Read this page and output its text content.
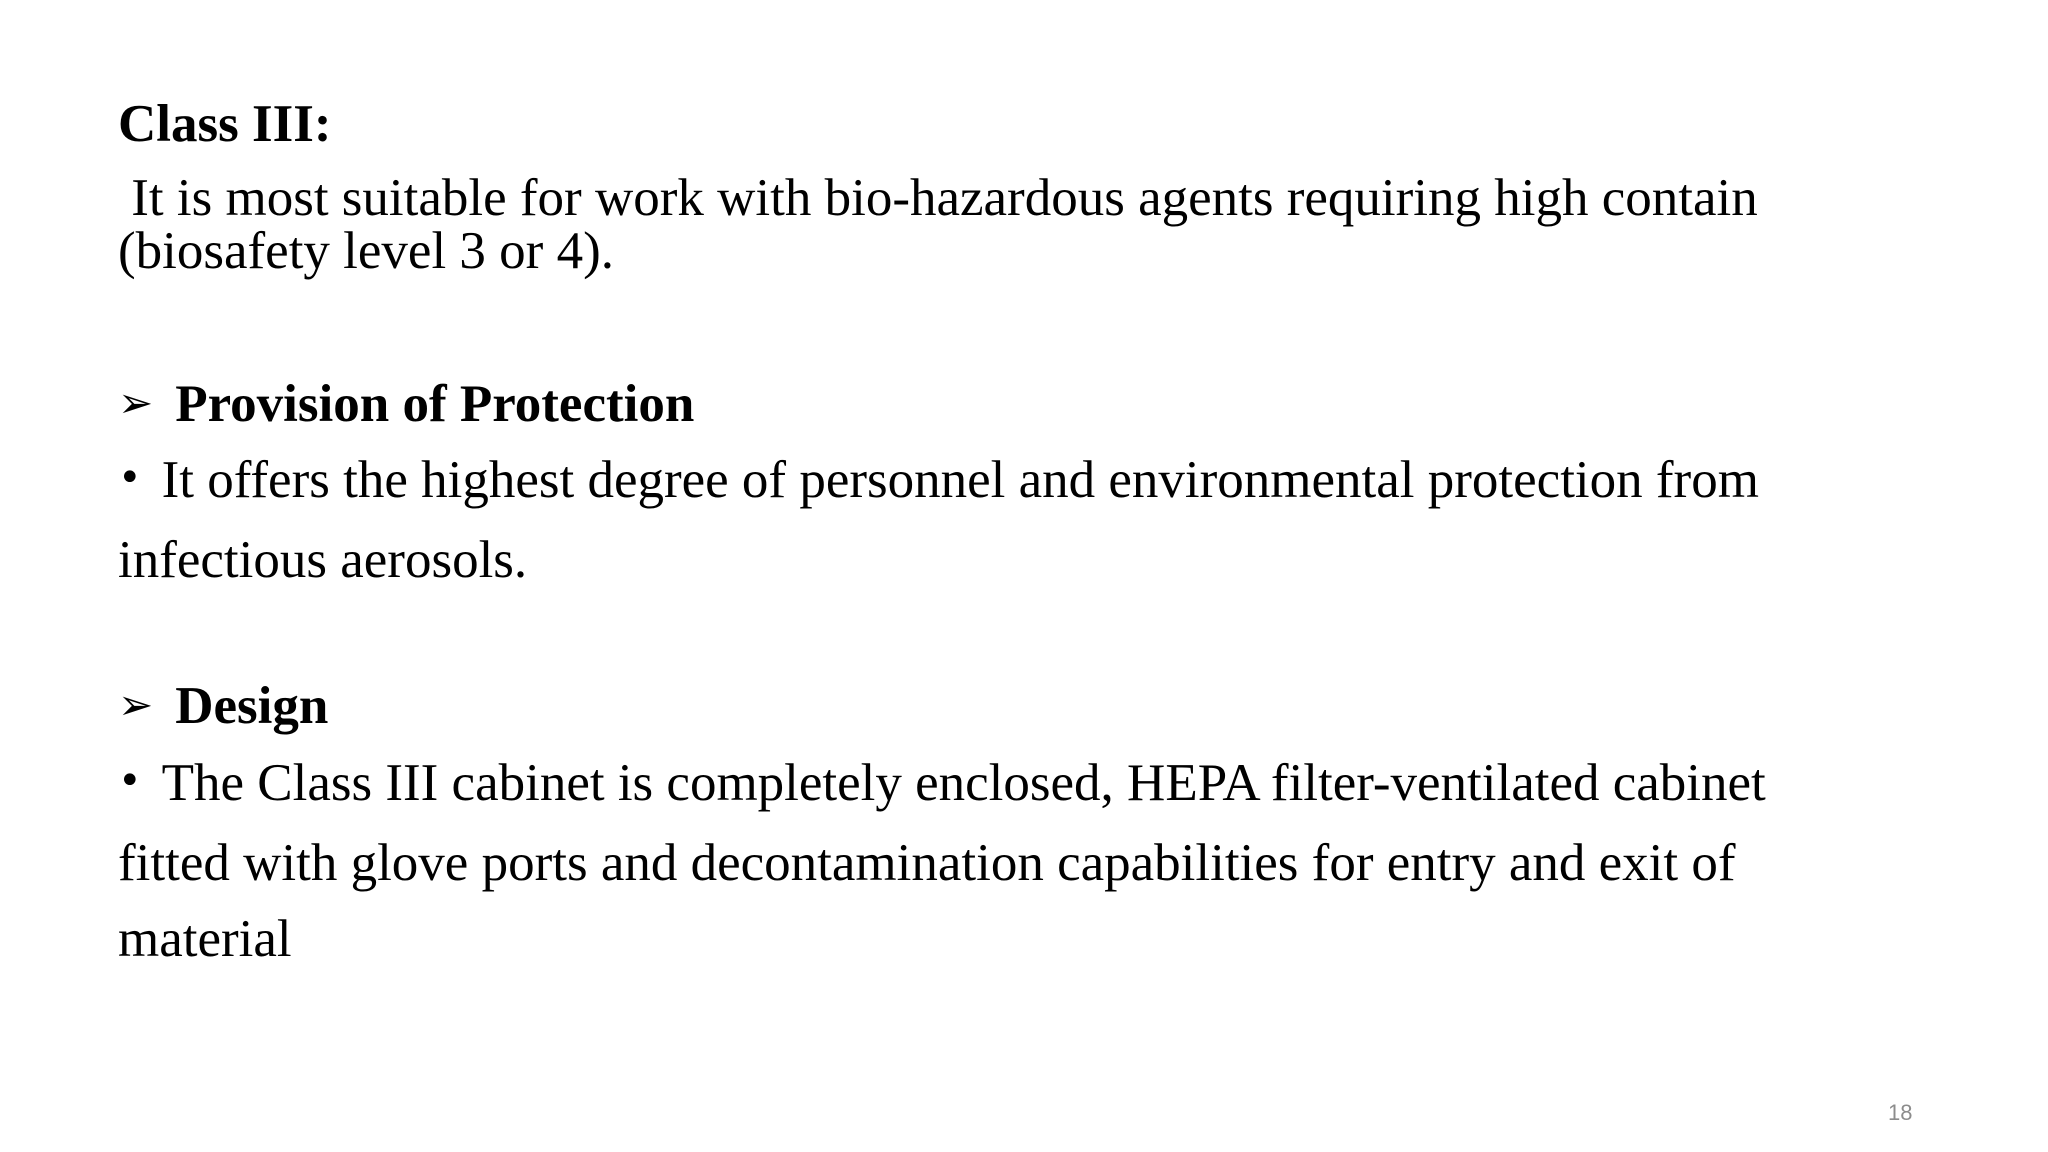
Class III:
It is most suitable for work with bio-hazardous agents requiring high contain
(biosafety level 3 or 4).
➢ Provision of Protection
• It offers the highest degree of personnel and environmental protection from
infectious aerosols.
➢ Design
• The Class III cabinet is completely enclosed, HEPA filter-ventilated cabinet
fitted with glove ports and decontamination capabilities for entry and exit of
material
18
